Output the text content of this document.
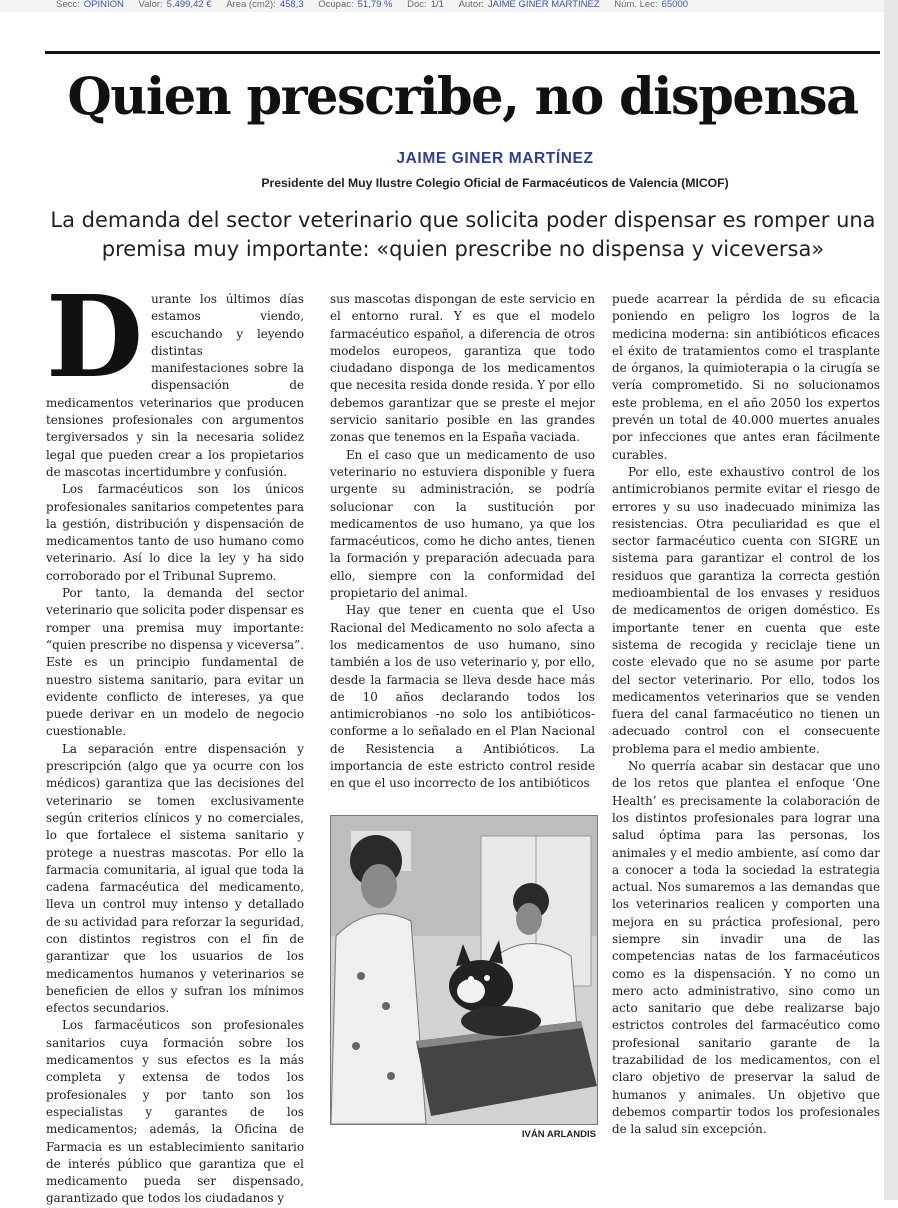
Secc: OPINIÓN Valor: 5.499,42 € Área (cm2): 458,3 Ocupac: 51,79 % Doc: 1/1 Autor: JAIME GINER MARTÍNEZ Núm. Lec: 65000
Quien prescribe, no dispensa
JAIME GINER MARTÍNEZ
Presidente del Muy Ilustre Colegio Oficial de Farmacéuticos de Valencia (MICOF)
La demanda del sector veterinario que solicita poder dispensar es romper una premisa muy importante: «quien prescribe no dispensa y viceversa»
D urante los últimos días estamos viendo, escuchando y leyendo distintas manifestaciones sobre la dispensación de medicamentos veterinarios que producen tensiones profesionales con argumentos tergiversados y sin la necesaria solidez legal que pueden crear a los propietarios de mascotas incertidumbre y confusión.

Los farmacéuticos son los únicos profesionales sanitarios competentes para la gestión, distribución y dispensación de medicamentos tanto de uso humano como veterinario. Así lo dice la ley y ha sido corroborado por el Tribunal Supremo.

Por tanto, la demanda del sector veterinario que solicita poder dispensar es romper una premisa muy importante: “quien prescribe no dispensa y viceversa”. Este es un principio fundamental de nuestro sistema sanitario, para evitar un evidente conflicto de intereses, ya que puede derivar en un modelo de negocio cuestionable.

La separación entre dispensación y prescripción (algo que ya ocurre con los médicos) garantiza que las decisiones del veterinario se tomen exclusivamente según criterios clínicos y no comerciales, lo que fortalece el sistema sanitario y protege a nuestras mascotas. Por ello la farmacia comunitaria, al igual que toda la cadena farmacéutica del medicamento, lleva un control muy intenso y detallado de su actividad para reforzar la seguridad, con distintos registros con el fin de garantizar que los usuarios de los medicamentos humanos y veterinarios se beneficien de ellos y sufran los mínimos efectos secundarios.

Los farmacéuticos son profesionales sanitarios cuya formación sobre los medicamentos y sus efectos es la más completa y extensa de todos los profesionales y por tanto son los especialistas y garantes de los medicamentos; además, la Oficina de Farmacia es un establecimiento sanitario de interés público que garantiza que el medicamento pueda ser dispensado, garantizado que todos los ciudadanos y

sus mascotas dispongan de este servicio en el entorno rural. Y es que el modelo farmacéutico español, a diferencia de otros modelos europeos, garantiza que todo ciudadano disponga de los medicamentos que necesita resida donde resida. Y por ello debemos garantizar que se preste el mejor servicio sanitario posible en las grandes zonas que tenemos en la España vaciada.

En el caso que un medicamento de uso veterinario no estuviera disponible y fuera urgente su administración, se podría solucionar con la sustitución por medicamentos de uso humano, ya que los farmacéuticos, como he dicho antes, tienen la formación y preparación adecuada para ello, siempre con la conformidad del propietario del animal.

Hay que tener en cuenta que el Uso Racional del Medicamento no solo afecta a los medicamentos de uso humano, sino también a los de uso veterinario y, por ello, desde la farmacia se lleva desde hace más de 10 años declarando todos los antimicrobianos -no solo los antibióticos- conforme a lo señalado en el Plan Nacional de Resistencia a Antibióticos. La importancia de este estricto control reside en que el uso incorrecto de los antibióticos

IVÁN ARLANDIS

puede acarrear la pérdida de su eficacia poniendo en peligro los logros de la medicina moderna: sin antibióticos eficaces el éxito de tratamientos como el trasplante de órganos, la quimioterapia o la cirugía se vería comprometido. Si no solucionamos este problema, en el año 2050 los expertos prevén un total de 40.000 muertes anuales por infecciones que antes eran fácilmente curables.

Por ello, este exhaustivo control de los antimicrobianos permite evitar el riesgo de errores y su uso inadecuado minimiza las resistencias. Otra peculiaridad es que el sector farmacéutico cuenta con SIGRE un sistema para garantizar el control de los residuos que garantiza la correcta gestión medioambiental de los envases y residuos de medicamentos de origen doméstico. Es importante tener en cuenta que este sistema de recogida y reciclaje tiene un coste elevado que no se asume por parte del sector veterinario. Por ello, todos los medicamentos veterinarios que se venden fuera del canal farmacéutico no tienen un adecuado control con el consecuente problema para el medio ambiente.

No querría acabar sin destacar que uno de los retos que plantea el enfoque ‘One Health’ es precisamente la colaboración de los distintos profesionales para lograr una salud óptima para las personas, los animales y el medio ambiente, así como dar a conocer a toda la sociedad la estrategia actual. Nos sumaremos a las demandas que los veterinarios realicen y comporten una mejora en su práctica profesional, pero siempre sin invadir una de las competencias natas de los farmacéuticos como es la dispensación. Y no como un mero acto administrativo, sino como un acto sanitario que debe realizarse bajo estrictos controles del farmacéutico como profesional sanitario garante de la trazabilidad de los medicamentos, con el claro objetivo de preservar la salud de humanos y animales. Un objetivo que debemos compartir todos los profesionales de la salud sin excepción.
